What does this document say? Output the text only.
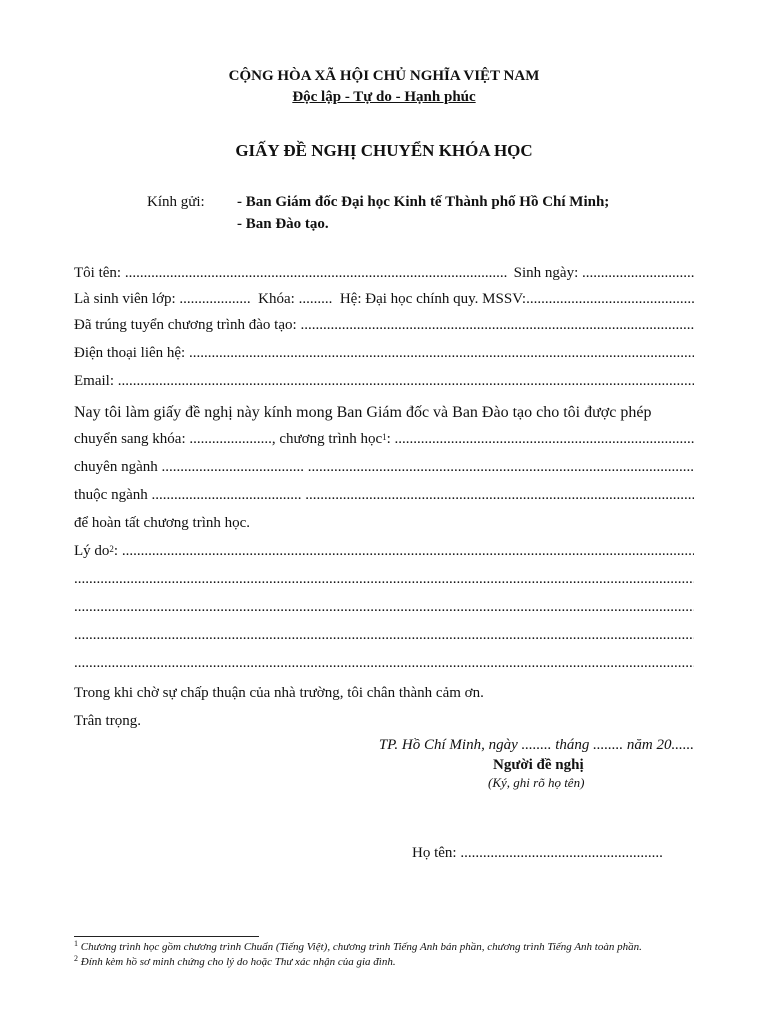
CỘNG HÒA XÃ HỘI CHỦ NGHĨA VIỆT NAM
Độc lập - Tự do - Hạnh phúc
GIẤY ĐỀ NGHỊ CHUYỂN KHÓA HỌC
Kính gửi: - Ban Giám đốc Đại học Kinh tế Thành phố Hồ Chí Minh;
- Ban Đào tạo.
Tôi tên:
.....	Sinh ngày:
.....
Là sinh viên lớp: ...................
Khóa: .........
Hệ: Đại học chính quy. MSSV:
.....
Đã trúng tuyển chương trình đào tạo:
.....
Điện thoại liên hệ:
.....
Email:
.....
Nay tôi làm giấy đề nghị này kính mong Ban Giám đốc và Ban Đào tạo cho tôi được phép
chuyển sang khóa: ...................... , chương trình học 1 :
.....
chuyên ngành ......................................

.....
thuộc ngành ........................................

.....
để hoàn tất chương trình học.
Lý do 2 :
.....
.....
.....
.....
.....
Trong khi chờ sự chấp thuận của nhà trường, tôi chân thành cảm ơn.
Trân trọng.
TP. Hồ Chí Minh, ngày ........ tháng ........ năm 20......
Người đề nghị
(Ký, ghi rõ họ tên)
Họ tên: ......................................................
$^1$ Chương trình học gồm chương trình Chuẩn (Tiếng Việt), chương trình Tiếng Anh bán phần, chương trình Tiếng Anh toàn phần.
$^2$ Đính kèm hồ sơ minh chứng cho lý do hoặc Thư xác nhận của gia đình.
